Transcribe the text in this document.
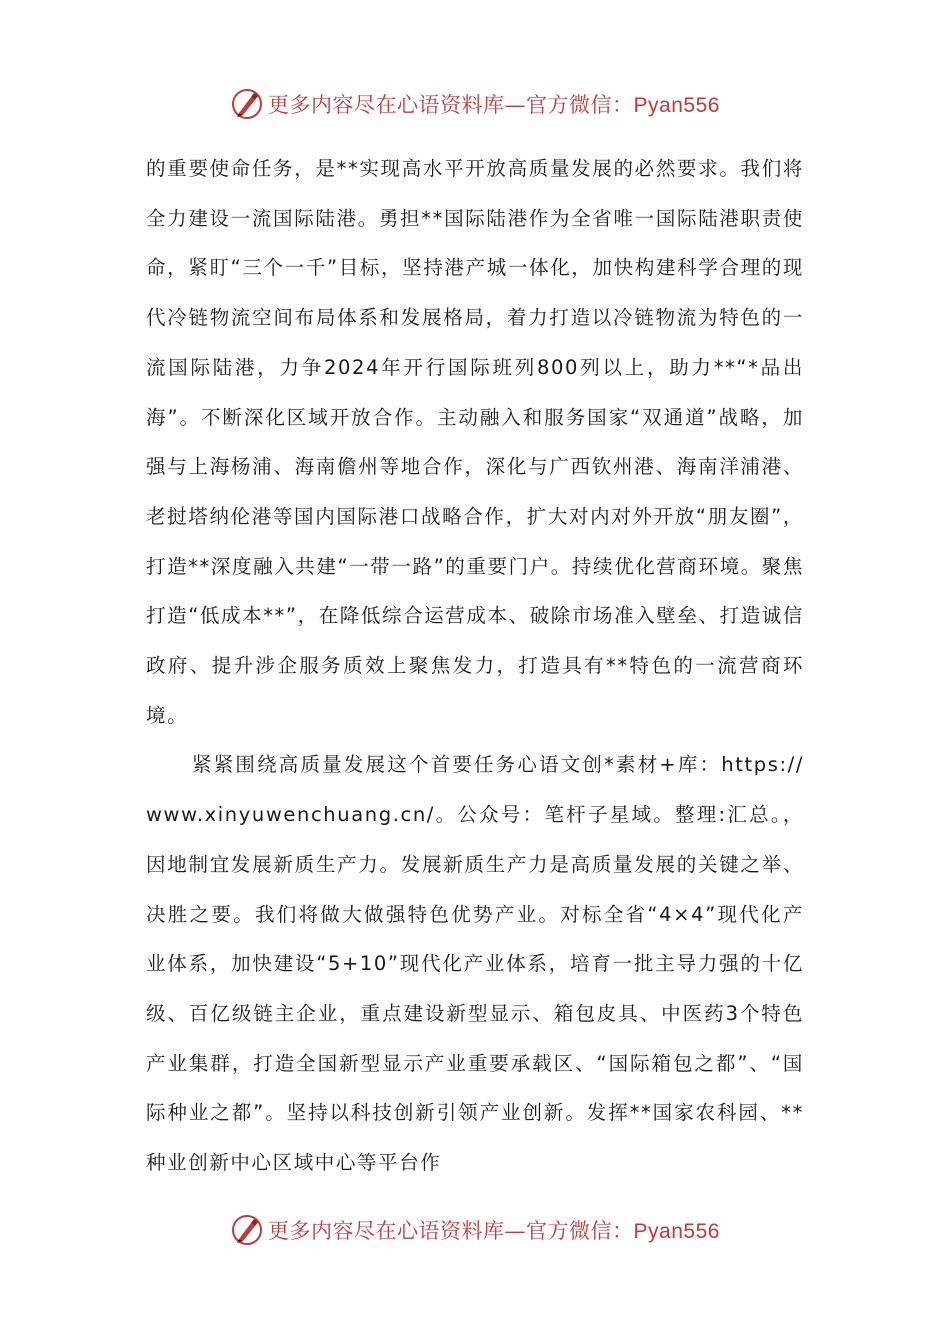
更多内容尽在心语资料库—官方微信：Pyan556

的重要使命任务，是**实现高水平开放高质量发展的必然要求。我们将全力建设一流国际陆港。勇担**国际陆港作为全省唯一国际陆港职责使命，紧盯“三个一千”目标，坚持港产城一体化，加快构建科学合理的现代冷链物流空间布局体系和发展格局，着力打造以冷链物流为特色的一流国际陆港，力争2024年开行国际班列800列以上，助力**“*品出海”。不断深化区域开放合作。主动融入和服务国家“双通道”战略，加强与上海杨浦、海南儋州等地合作，深化与广西钦州港、海南洋浦港、老挝塔纳伦港等国内国际港口战略合作，扩大对内对外开放“朋友圈”，打造**深度融入共建“一带一路”的重要门户。持续优化营商环境。聚焦打造“低成本**”，在降低综合运营成本、破除市场准入壁垒、打造诚信政府、提升涉企服务质效上聚焦发力，打造具有**特色的一流营商环境。

紧紧围绕高质量发展这个首要任务心语文创*素材+库：https://www.xinyuwenchuang.cn/。公众号：笔杆子星域。整理:汇总。，因地制宜发展新质生产力。发展新质生产力是高质量发展的关键之举、决胜之要。我们将做大做强特色优势产业。对标全省“4×4”现代化产业体系，加快建设“5+10”现代化产业体系，培育一批主导力强的十亿级、百亿级链主企业，重点建设新型显示、箱包皮具、中医药3个特色产业集群，打造全国新型显示产业重要承载区、“国际箱包之都”、“国际种业之都”。坚持以科技创新引领产业创新。发挥**国家农科园、**种业创新中心区域中心等平台作

更多内容尽在心语资料库—官方微信：Pyan556
